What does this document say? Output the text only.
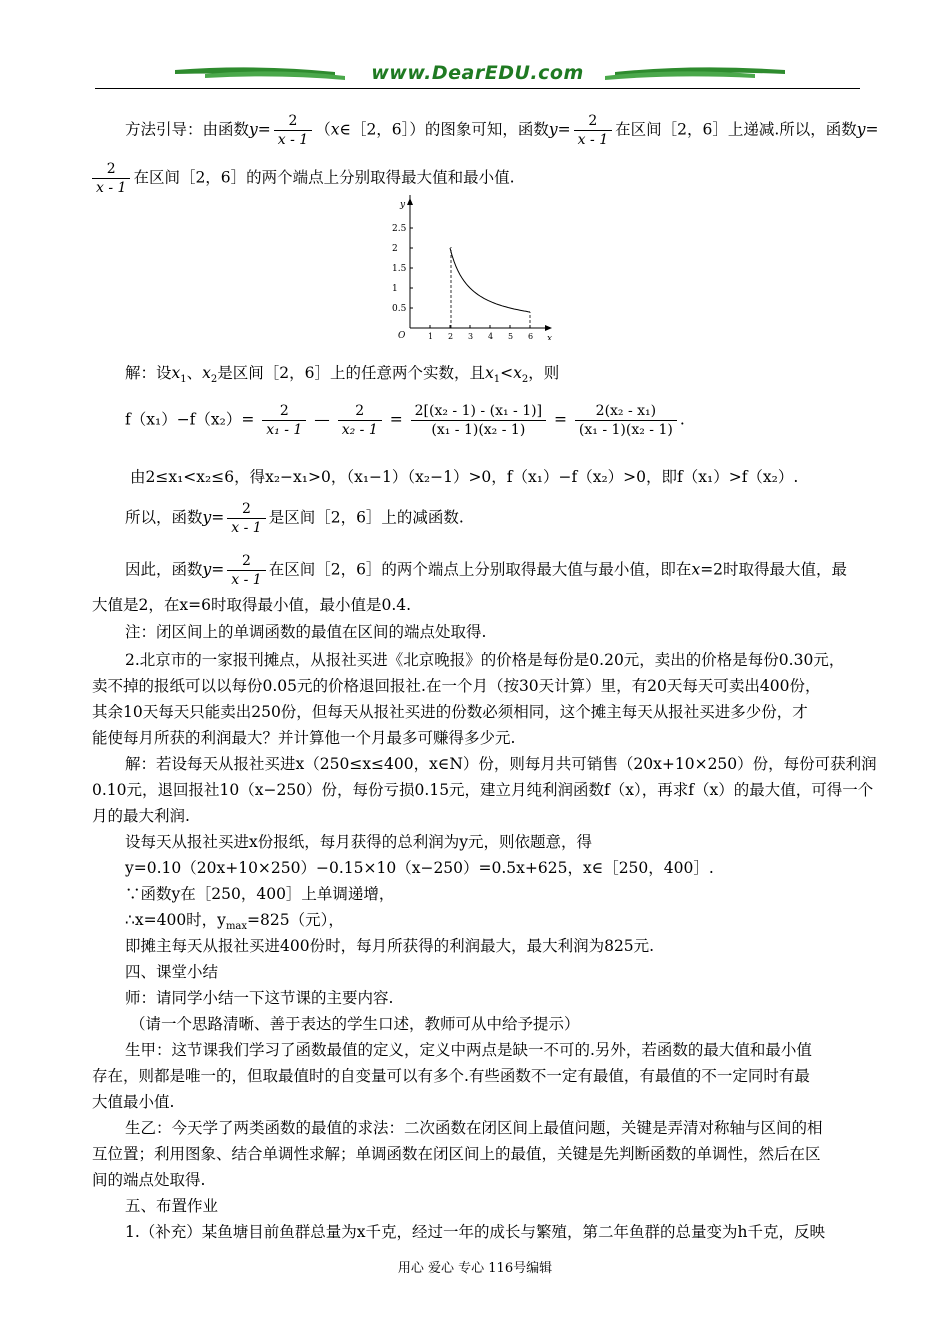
www.DearEDU.com
方法引导：由函数$y= \frac{2}{x - 1}$ （x∈［2，6］）的图象可知，函数$y= \frac{2}{x - 1}$ 在区间［2，6］上递减.所以，函数y=
$\frac{2}{x - 1}$ 在区间［2，6］的两个端点上分别取得最大值和最小值.
y
x
O
2.5
2
1.5
1
0.5
1 2 3 4 5 6
解：设$x_1$、$x_2$是区间［2，6］上的任意两个实数，且$x_1<x_2$，则
$f(x_1)-f(x_2)= \frac{2}{\text{x₁ - 1}}$ — $\frac{2}{\text{x₂ - 1}} = \frac{\text{2[(x₂ - 1) - (x₁ - 1)]}}{\text{(x₁ - 1)(x₂ - 1)}} = \frac{\text{2(x₂ - x₁)}}{\text{(x₁ - 1)(x₂ - 1)}}$ .
由2≤x₁<x₂≤6，得x₂−x₁>0，（x₁−1）（x₂−1）>0，f（x₁）−f（x₂）>0，即f（x₁）>f（x₂）.
所以，函数$y= \frac{2}{x - 1}$ 是区间［2，6］上的减函数.
因此，函数$y= \frac{2}{x - 1}$ 在区间［2，6］的两个端点上分别取得最大值与最小值，即在x=2时取得最大值，最
大值是2，在x=6时取得最小值，最小值是0.4.
注：闭区间上的单调函数的最值在区间的端点处取得.
2.北京市的一家报刊摊点，从报社买进《北京晚报》的价格是每份是0.20元，卖出的价格是每份0.30元，
卖不掉的报纸可以以每份0.05元的价格退回报社.在一个月（按30天计算）里，有20天每天可卖出400份，
其余10天每天只能卖出250份，但每天从报社买进的份数必须相同，这个摊主每天从报社买进多少份，才
能使每月所获的利润最大？并计算他一个月最多可赚得多少元.
解：若设每天从报社买进x（250≤x≤400，x∈N）份，则每月共可销售（20x+10×250）份，每份可获利润
0.10元，退回报社10（x−250）份，每份亏损0.15元，建立月纯利润函数f（x），再求f（x）的最大值，可得一个
月的最大利润.
设每天从报社买进x份报纸，每月获得的总利润为y元，则依题意，得
y=0.10（20x+10×250）−0.15×10（x−250）=0.5x+625，x∈［250，400］.
∵函数y在［250，400］上单调递增，
∴x=400时，$y_{max}=825$（元），
即摊主每天从报社买进400份时，每月所获得的利润最大，最大利润为825元.
四、课堂小结
师：请同学小结一下这节课的主要内容.
（请一个思路清晰、善于表达的学生口述，教师可从中给予提示）
生甲：这节课我们学习了函数最值的定义，定义中两点是缺一不可的.另外，若函数的最大值和最小值
存在，则都是唯一的，但取最值时的自变量可以有多个.有些函数不一定有最值，有最值的不一定同时有最
大值最小值.
生乙：今天学了两类函数的最值的求法：二次函数在闭区间上最值问题，关键是弄清对称轴与区间的相
互位置；利用图象、结合单调性求解；单调函数在闭区间上的最值，关键是先判断函数的单调性，然后在区
间的端点处取得.
五、布置作业
1.（补充）某鱼塘目前鱼群总量为x千克，经过一年的成长与繁殖，第二年鱼群的总量变为h千克，反映
用心 爱心 专心 116号编辑
